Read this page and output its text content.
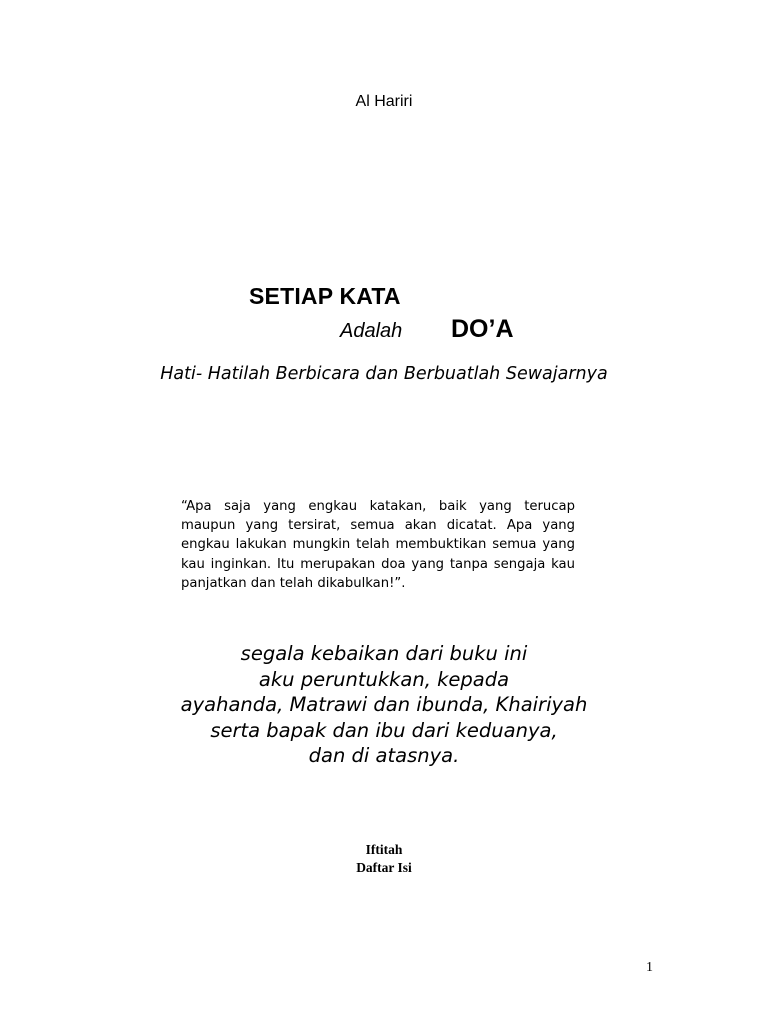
Al Hariri
SETIAP KATA
Adalah DO’A
Hati- Hatilah Berbicara dan Berbuatlah Sewajarnya
“Apa saja yang engkau katakan, baik yang terucap maupun yang tersirat, semua akan dicatat. Apa yang engkau lakukan mungkin telah membuktikan semua yang kau inginkan. Itu merupakan doa yang tanpa sengaja kau panjatkan dan telah dikabulkan!”.
segala kebaikan dari buku ini
aku peruntukkan, kepada
ayahanda, Matrawi dan ibunda, Khairiyah
serta bapak dan ibu dari keduanya,
dan di atasnya.
Iftitah
Daftar Isi
1
